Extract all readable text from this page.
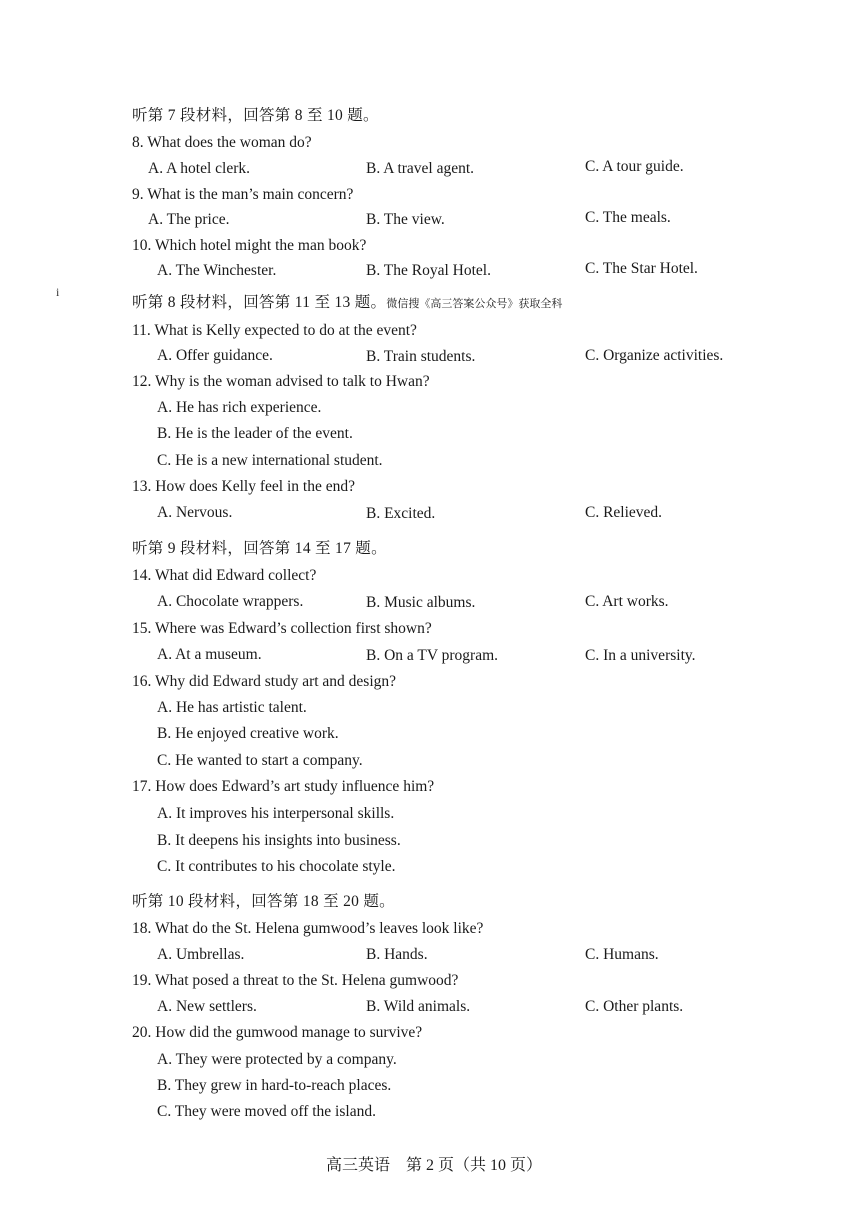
i
听第 7 段材料，回答第 8 至 10 题。
8. What does the woman do?
A. A hotel clerk.	B. A travel agent.	C. A tour guide.
9. What is the man’s main concern?
A. The price.	B. The view.	C. The meals.
10. Which hotel might the man book?
A. The Winchester.	B. The Royal Hotel.	C. The Star Hotel.
听第 8 段材料，回答第 11 至 13 题。微信搜《高三答案公众号》获取全科
11. What is Kelly expected to do at the event?
A. Offer guidance.	B. Train students.	C. Organize activities.
12. Why is the woman advised to talk to Hwan?
A. He has rich experience.
B. He is the leader of the event.
C. He is a new international student.
13. How does Kelly feel in the end?
A. Nervous.	B. Excited.	C. Relieved.
听第 9 段材料，回答第 14 至 17 题。
14. What did Edward collect?
A. Chocolate wrappers.	B. Music albums.	C. Art works.
15. Where was Edward’s collection first shown?
A. At a museum.	B. On a TV program.	C. In a university.
16. Why did Edward study art and design?
A. He has artistic talent.
B. He enjoyed creative work.
C. He wanted to start a company.
17. How does Edward’s art study influence him?
A. It improves his interpersonal skills.
B. It deepens his insights into business.
C. It contributes to his chocolate style.
听第 10 段材料，回答第 18 至 20 题。
18. What do the St. Helena gumwood’s leaves look like?
A. Umbrellas.	B. Hands.	C. Humans.
19. What posed a threat to the St. Helena gumwood?
A. New settlers.	B. Wild animals.	C. Other plants.
20. How did the gumwood manage to survive?
A. They were protected by a company.
B. They grew in hard-to-reach places.
C. They were moved off the island.
高三英语　第 2 页（共 10 页）
